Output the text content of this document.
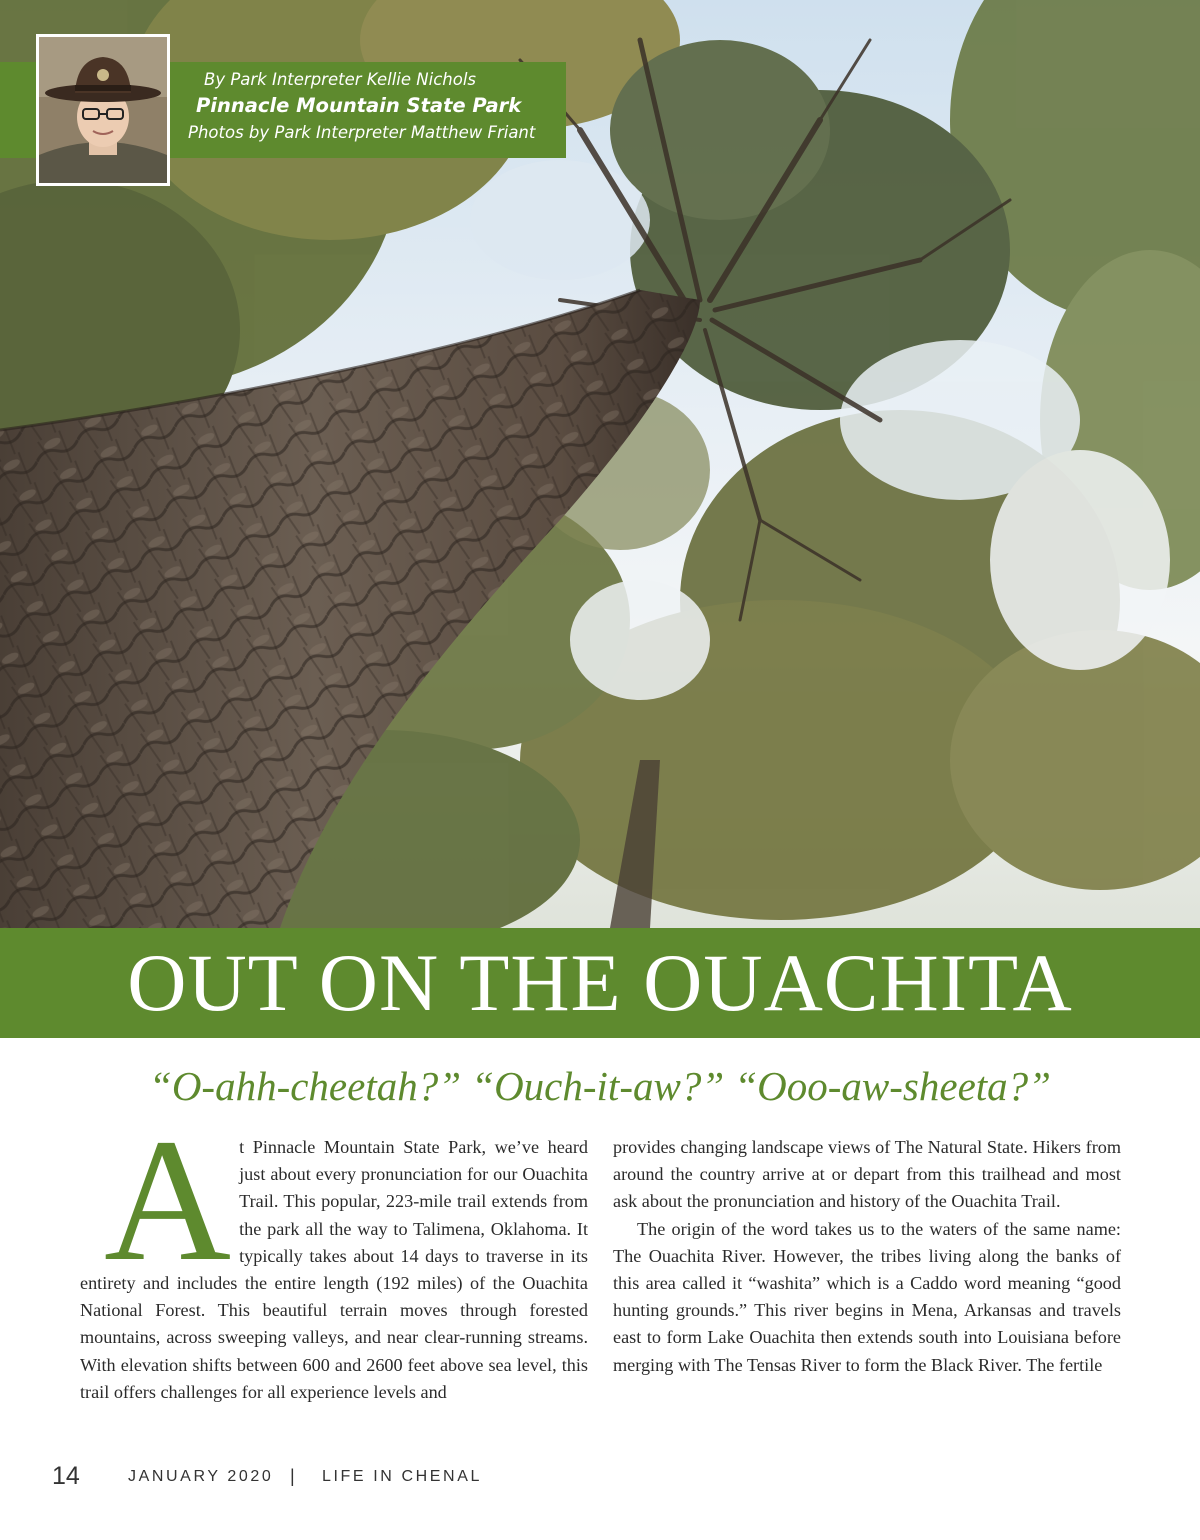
By Park Interpreter Kellie Nichols
Pinnacle Mountain State Park
Photos by Park Interpreter Matthew Friant
OUT ON THE OUACHITA
“O-ahh-cheetah?” “Ouch-it-aw?” “Ooo-aw-sheeta?”

At Pinnacle Mountain State Park, we’ve heard just about every pronunciation for our Ouachita Trail. This popular, 223-mile trail extends from the park all the way to Talimena, Oklahoma. It typically takes about 14 days to traverse in its entirety and includes the entire length (192 miles) of the Ouachita National Forest. This beautiful terrain moves through forested mountains, across sweeping valleys, and near clear-running streams. With elevation shifts between 600 and 2600 feet above sea level, this trail offers challenges for all experience levels and

provides changing landscape views of The Natural State. Hikers from around the country arrive at or depart from this trailhead and most ask about the pronunciation and history of the Ouachita Trail.

The origin of the word takes us to the waters of the same name: The Ouachita River. However, the tribes living along the banks of this area called it “washita” which is a Caddo word meaning “good hunting grounds.” This river begins in Mena, Arkansas and travels east to form Lake Ouachita then extends south into Louisiana before merging with The Tensas River to form the Black River. The fertile

14	JANUARY 2020 | LIFE IN CHENAL
